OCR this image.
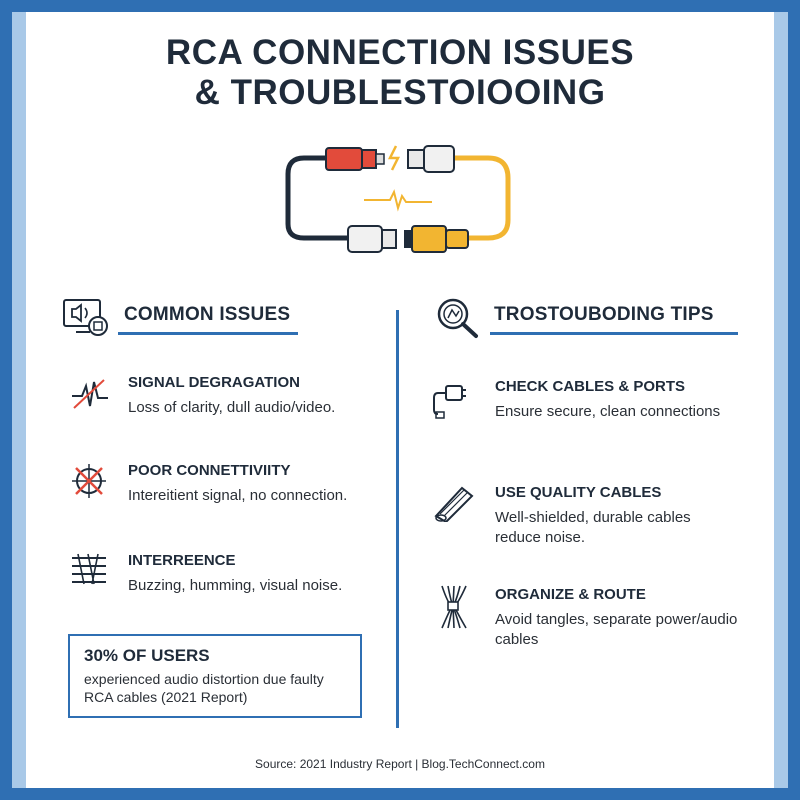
RCA CONNECTION ISSUES
& TROUBLESTOIOOING
COMMON ISSUES	TROSTOUBODING TIPS
SIGNAL DEGRAGATION
Loss of clarity, dull audio/video.
POOR CONNETTIVIITY
Intereitient signal, no connection.
INTERREENCE
Buzzing, humming, visual noise.
30% OF USERS
experienced audio distortion due faulty
RCA cables (2021 Report)
CHECK CABLES & PORTS
Ensure secure, clean connections
USE QUALITY CABLES
Well-shielded, durable cables
reduce noise.
ORGANIZE & ROUTE
Avoid tangles, separate power/audio
cables
Source: 2021 Industry Report | Blog.TechConnect.com
